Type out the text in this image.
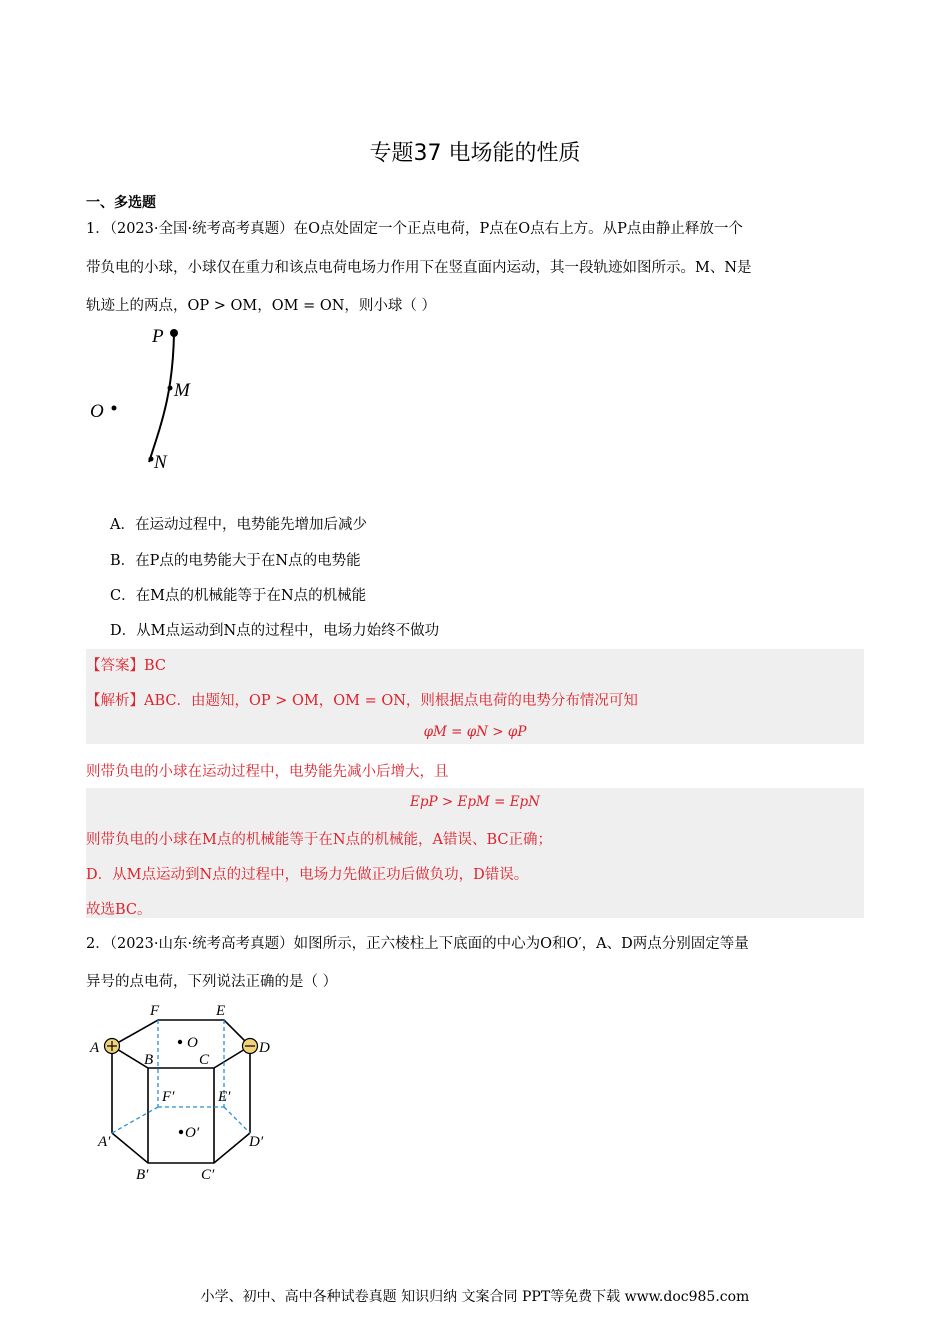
专题37 电场能的性质
一、多选题
1．（2023·全国·统考高考真题）在O点处固定一个正点电荷，P点在O点右上方。从P点由静止释放一个
带负电的小球，小球仅在重力和该点电荷电场力作用下在竖直面内运动，其一段轨迹如图所示。M、N是
轨迹上的两点，OP > OM，OM = ON，则小球（ ）
P
M
O
N
A．在运动过程中，电势能先增加后减少
B．在P点的电势能大于在N点的电势能
C．在M点的机械能等于在N点的机械能
D．从M点运动到N点的过程中，电场力始终不做功
【答案】BC
【解析】ABC．由题知，OP > OM，OM = ON，则根据点电荷的电势分布情况可知
φM = φN > φP
则带负电的小球在运动过程中，电势能先减小后增大，且
EpP > EpM = EpN
则带负电的小球在M点的机械能等于在N点的机械能，A错误、BC正确；
D．从M点运动到N点的过程中，电场力先做正功后做负功，D错误。
故选BC。
2．（2023·山东·统考高考真题）如图所示，正六棱柱上下底面的中心为O和O′，A、D两点分别固定等量
异号的点电荷，下列说法正确的是（ ）
F	E
A
B
O
C
D
F′	E′
A′
O′
D′
B′	C′
小学、初中、高中各种试卷真题 知识归纳 文案合同 PPT等免费下载 www.doc985.com
